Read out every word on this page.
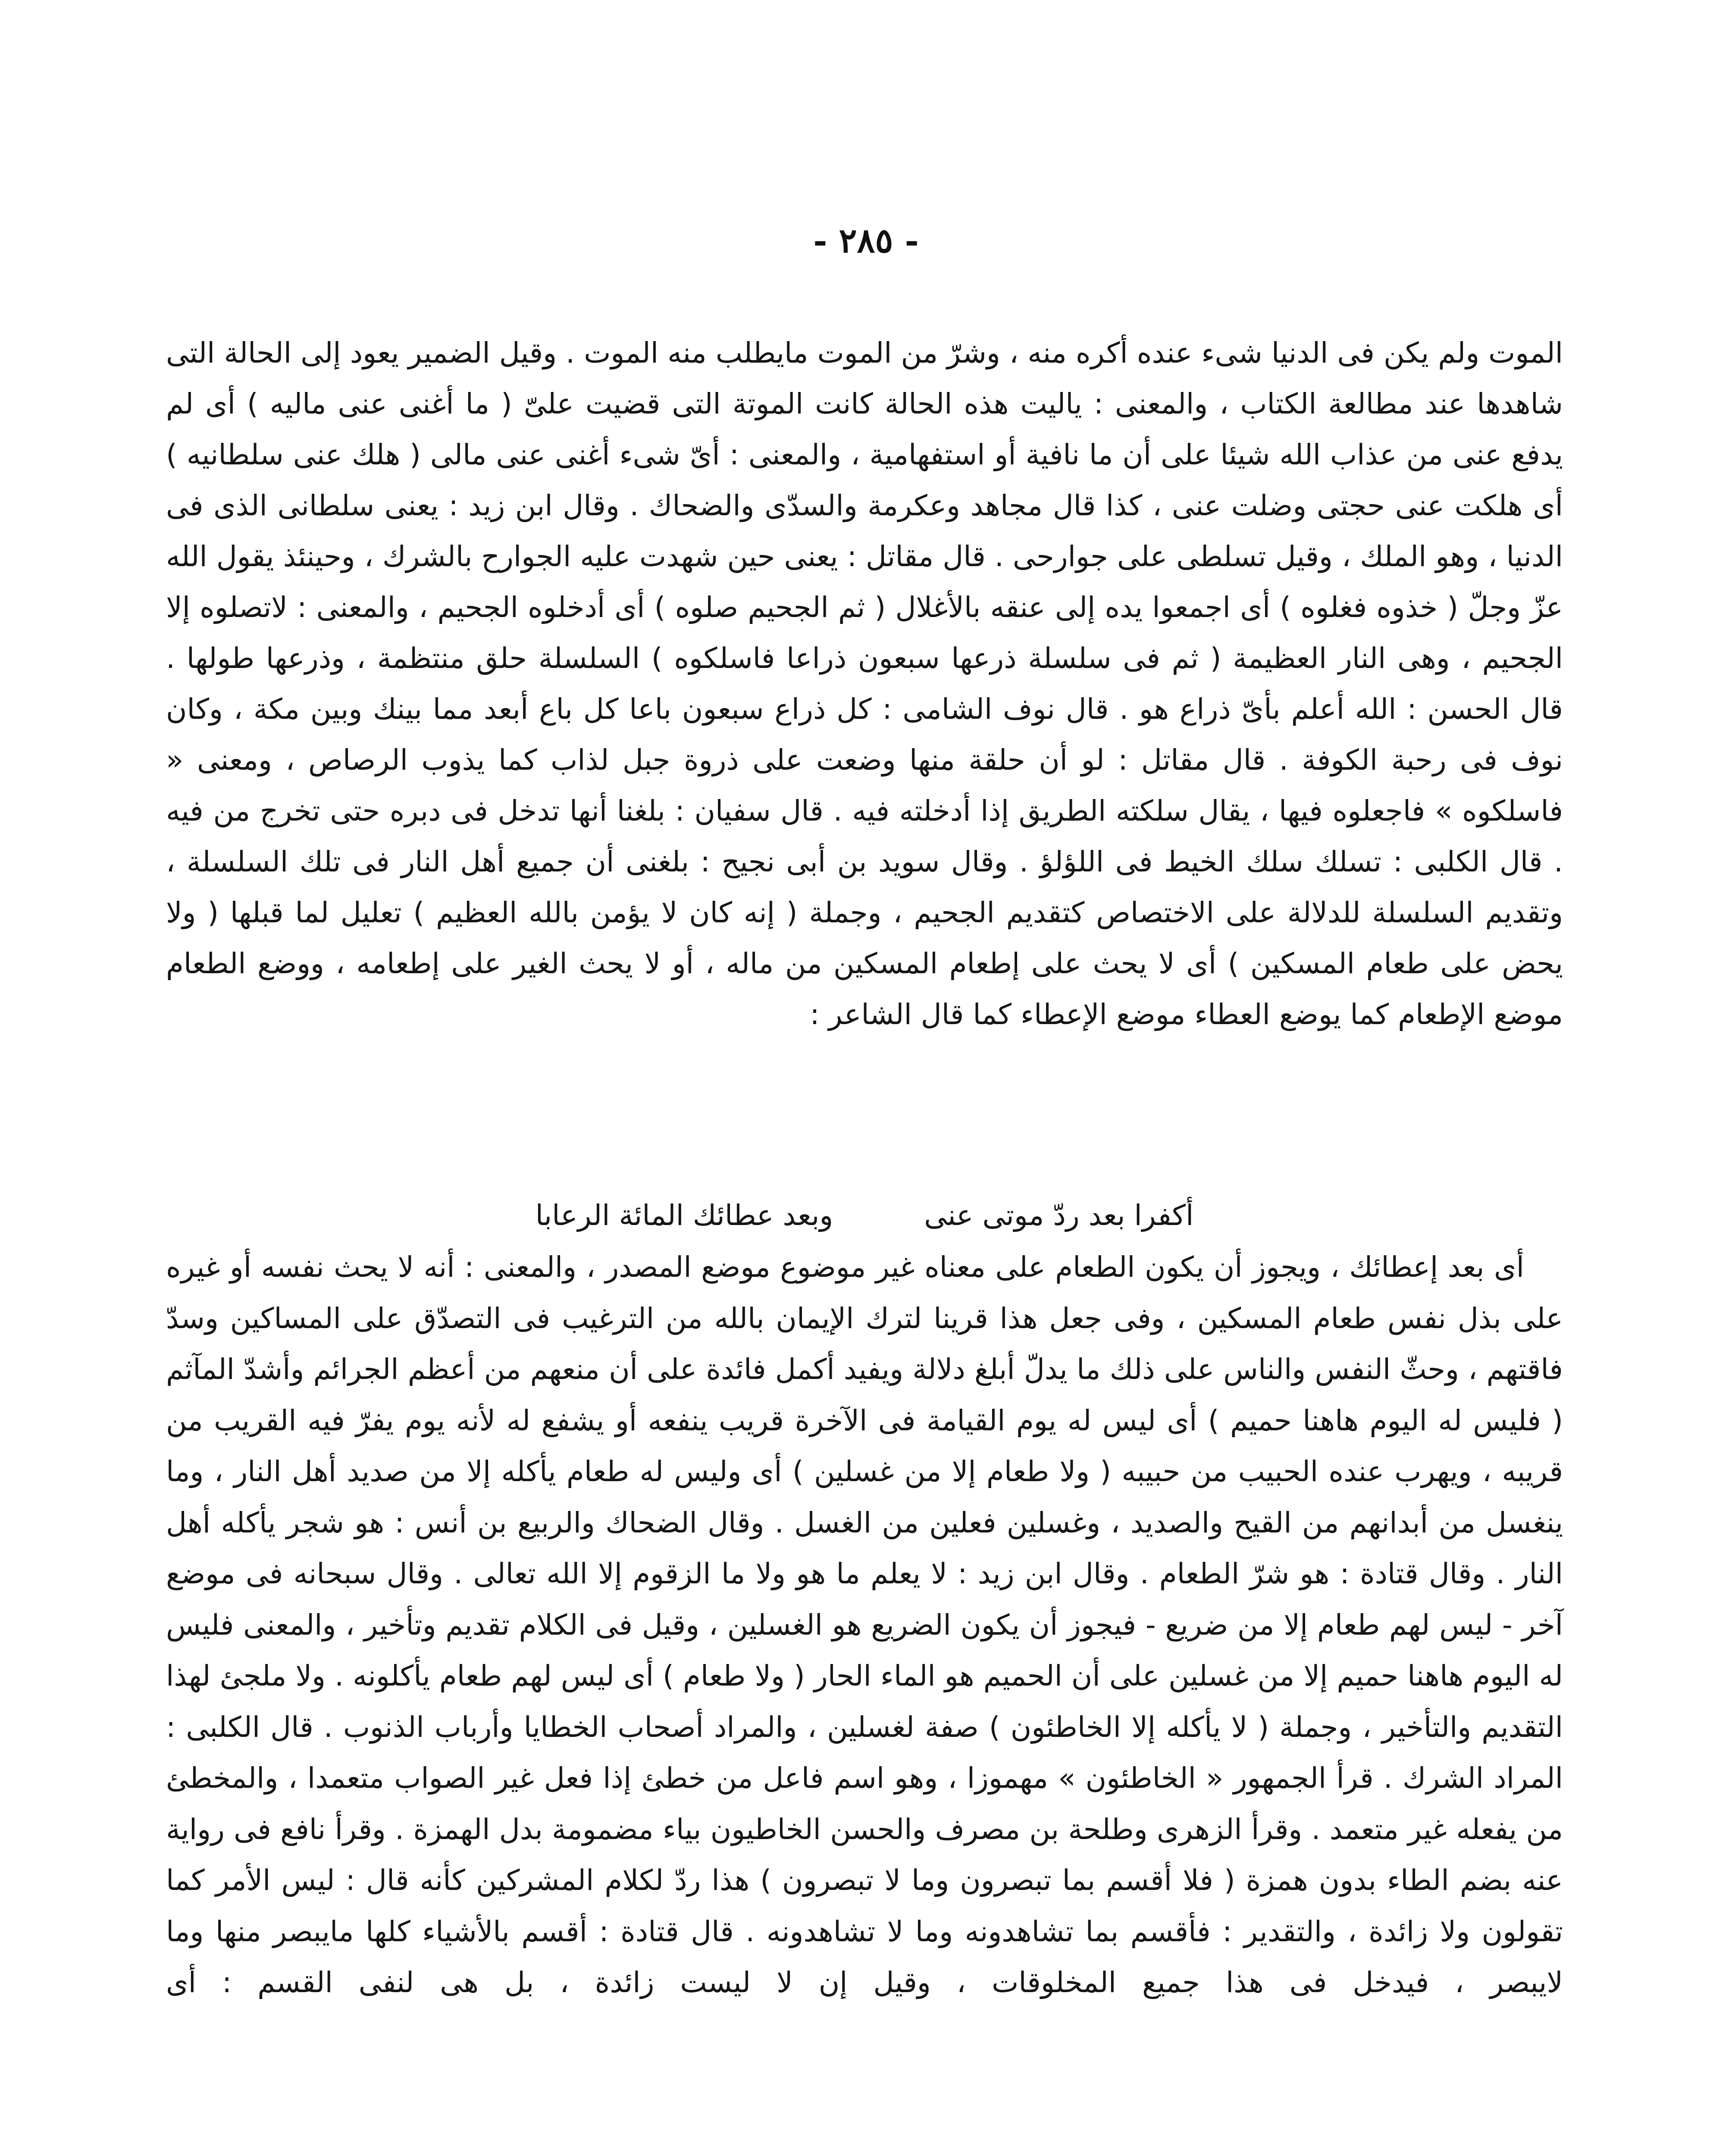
- ٢٨٥ -

الموت ولم يكن فى الدنيا شىء عنده أكره منه ، وشرّ من الموت مايطلب منه الموت . وقيل الضمير يعود إلى الحالة التى شاهدها عند مطالعة الكتاب ، والمعنى : ياليت هذه الحالة كانت الموتة التى قضيت علىّ ( ما أغنى عنى ماليه ) أى لم يدفع عنى من عذاب الله شيئا على أن ما نافية أو استفهامية ، والمعنى : أىّ شىء أغنى عنى مالى ( هلك عنى سلطانيه ) أى هلكت عنى حجتى وضلت عنى ، كذا قال مجاهد وعكرمة والسدّى والضحاك . وقال ابن زيد : يعنى سلطانى الذى فى الدنيا ، وهو الملك ، وقيل تسلطى على جوارحى . قال مقاتل : يعنى حين شهدت عليه الجوارح بالشرك ، وحينئذ يقول الله عزّ وجلّ ( خذوه فغلوه ) أى اجمعوا يده إلى عنقه بالأغلال ( ثم الجحيم صلوه ) أى أدخلوه الجحيم ، والمعنى : لاتصلوه إلا الجحيم ، وهى النار العظيمة ( ثم فى سلسلة ذرعها سبعون ذراعا فاسلكوه ) السلسلة حلق منتظمة ، وذرعها طولها . قال الحسن : الله أعلم بأىّ ذراع هو . قال نوف الشامى : كل ذراع سبعون باعا كل باع أبعد مما بينك وبين مكة ، وكان نوف فى رحبة الكوفة . قال مقاتل : لو أن حلقة منها وضعت على ذروة جبل لذاب كما يذوب الرصاص ، ومعنى « فاسلكوه » فاجعلوه فيها ، يقال سلكته الطريق إذا أدخلته فيه . قال سفيان : بلغنا أنها تدخل فى دبره حتى تخرج من فيه . قال الكلبى : تسلك سلك الخيط فى اللؤلؤ . وقال سويد بن أبى نجيح : بلغنى أن جميع أهل النار فى تلك السلسلة ، وتقديم السلسلة للدلالة على الاختصاص كتقديم الجحيم ، وجملة ( إنه كان لا يؤمن بالله العظيم ) تعليل لما قبلها ( ولا يحض على طعام المسكين ) أى لا يحث على إطعام المسكين من ماله ، أو لا يحث الغير على إطعامه ، ووضع الطعام موضع الإطعام كما يوضع العطاء موضع الإعطاء كما قال الشاعر :

أكفرا بعد ردّ موتى عنى وبعد عطائك المائة الرعابا

أى بعد إعطائك ، ويجوز أن يكون الطعام على معناه غير موضوع موضع المصدر ، والمعنى : أنه لا يحث نفسه أو غيره على بذل نفس طعام المسكين ، وفى جعل هذا قرينا لترك الإيمان بالله من الترغيب فى التصدّق على المساكين وسدّ فاقتهم ، وحثّ النفس والناس على ذلك ما يدلّ أبلغ دلالة ويفيد أكمل فائدة على أن منعهم من أعظم الجرائم وأشدّ المآثم ( فليس له اليوم هاهنا حميم ) أى ليس له يوم القيامة فى الآخرة قريب ينفعه أو يشفع له لأنه يوم يفرّ فيه القريب من قريبه ، ويهرب عنده الحبيب من حبيبه ( ولا طعام إلا من غسلين ) أى وليس له طعام يأكله إلا من صديد أهل النار ، وما ينغسل من أبدانهم من القيح والصديد ، وغسلين فعلين من الغسل . وقال الضحاك والربيع بن أنس : هو شجر يأكله أهل النار . وقال قتادة : هو شرّ الطعام . وقال ابن زيد : لا يعلم ما هو ولا ما الزقوم إلا الله تعالى . وقال سبحانه فى موضع آخر - ليس لهم طعام إلا من ضريع - فيجوز أن يكون الضريع هو الغسلين ، وقيل فى الكلام تقديم وتأخير ، والمعنى فليس له اليوم هاهنا حميم إلا من غسلين على أن الحميم هو الماء الحار ( ولا طعام ) أى ليس لهم طعام يأكلونه . ولا ملجئ لهذا التقديم والتأخير ، وجملة ( لا يأكله إلا الخاطئون ) صفة لغسلين ، والمراد أصحاب الخطايا وأرباب الذنوب . قال الكلبى : المراد الشرك . قرأ الجمهور « الخاطئون » مهموزا ، وهو اسم فاعل من خطئ إذا فعل غير الصواب متعمدا ، والمخطئ من يفعله غير متعمد . وقرأ الزهرى وطلحة بن مصرف والحسن الخاطيون بياء مضمومة بدل الهمزة . وقرأ نافع فى رواية عنه بضم الطاء بدون همزة ( فلا أقسم بما تبصرون وما لا تبصرون ) هذا ردّ لكلام المشركين كأنه قال : ليس الأمر كما تقولون ولا زائدة ، والتقدير : فأقسم بما تشاهدونه وما لا تشاهدونه . قال قتادة : أقسم بالأشياء كلها مايبصر منها وما لايبصر ، فيدخل فى هذا جميع المخلوقات ، وقيل إن لا ليست زائدة ، بل هى لنفى القسم : أى
